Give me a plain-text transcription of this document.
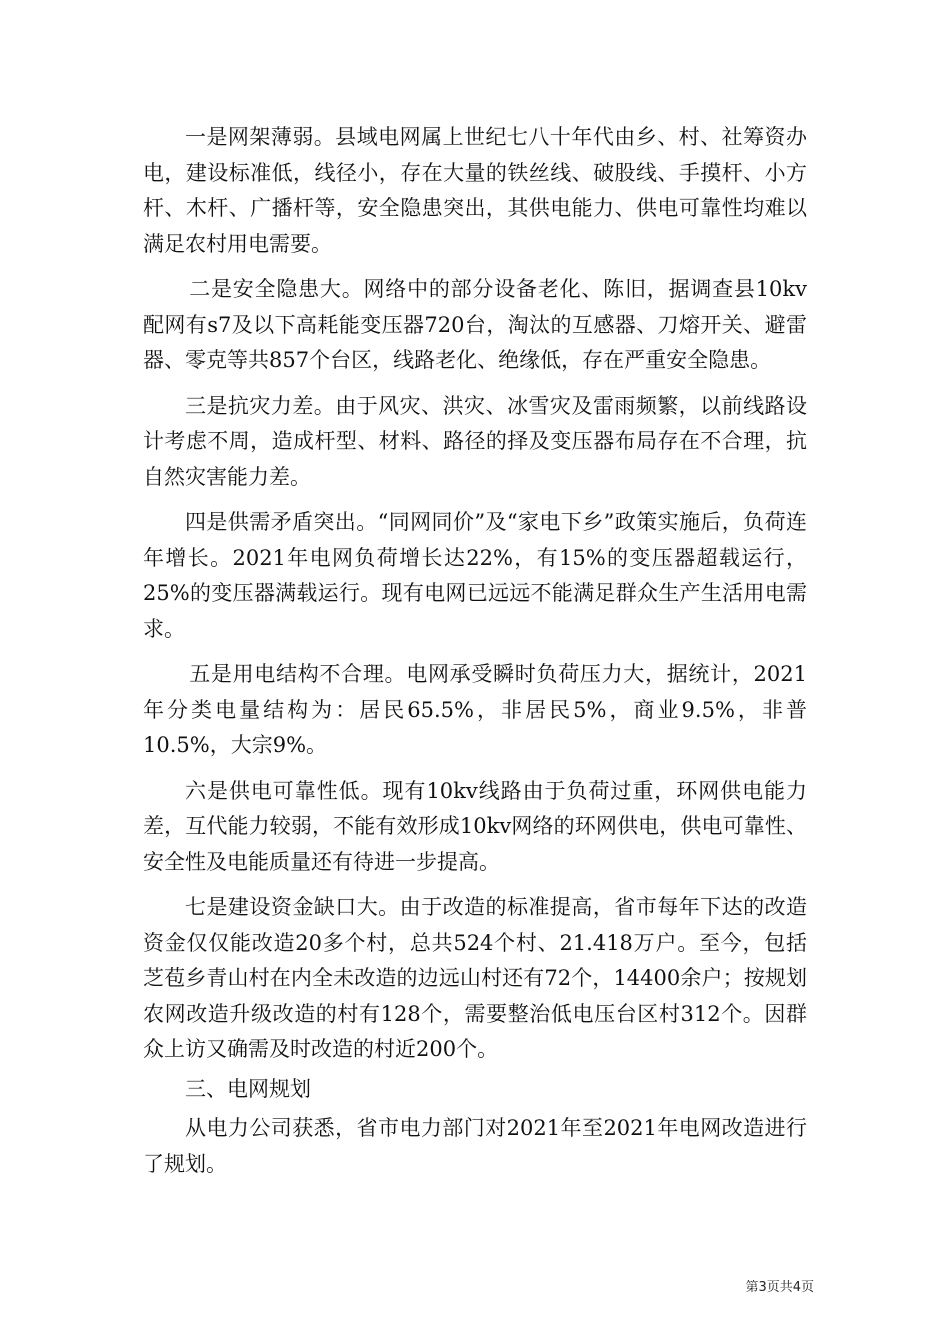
一是网架薄弱。县域电网属上世纪七八十年代由乡、村、社筹资办电，建设标准低，线径小，存在大量的铁丝线、破股线、手摸杆、小方杆、木杆、广播杆等，安全隐患突出，其供电能力、供电可靠性均难以满足农村用电需要。

二是安全隐患大。网络中的部分设备老化、陈旧，据调查县10kv配网有s7及以下高耗能变压器720台，淘汰的互感器、刀熔开关、避雷器、零克等共857个台区，线路老化、绝缘低，存在严重安全隐患。

三是抗灾力差。由于风灾、洪灾、冰雪灾及雷雨频繁，以前线路设计考虑不周，造成杆型、材料、路径的择及变压器布局存在不合理，抗自然灾害能力差。

四是供需矛盾突出。“同网同价”及“家电下乡”政策实施后，负荷连年增长。2021年电网负荷增长达22%，有15%的变压器超载运行，25%的变压器满载运行。现有电网已远远不能满足群众生产生活用电需求。

五是用电结构不合理。电网承受瞬时负荷压力大，据统计，2021年分类电量结构为：居民65.5%，非居民5%，商业9.5%，非普10.5%，大宗9%。

六是供电可靠性低。现有10kv线路由于负荷过重，环网供电能力差，互代能力较弱，不能有效形成10kv网络的环网供电，供电可靠性、安全性及电能质量还有待进一步提高。

七是建设资金缺口大。由于改造的标准提高，省市每年下达的改造资金仅仅能改造20多个村，总共524个村、21.418万户。至今，包括芝苞乡青山村在内全未改造的边远山村还有72个，14400余户；按规划农网改造升级改造的村有128个，需要整治低电压台区村312个。因群众上访又确需及时改造的村近200个。

三、电网规划

从电力公司获悉，省市电力部门对2021年至2021年电网改造进行了规划。

第3页共4页
